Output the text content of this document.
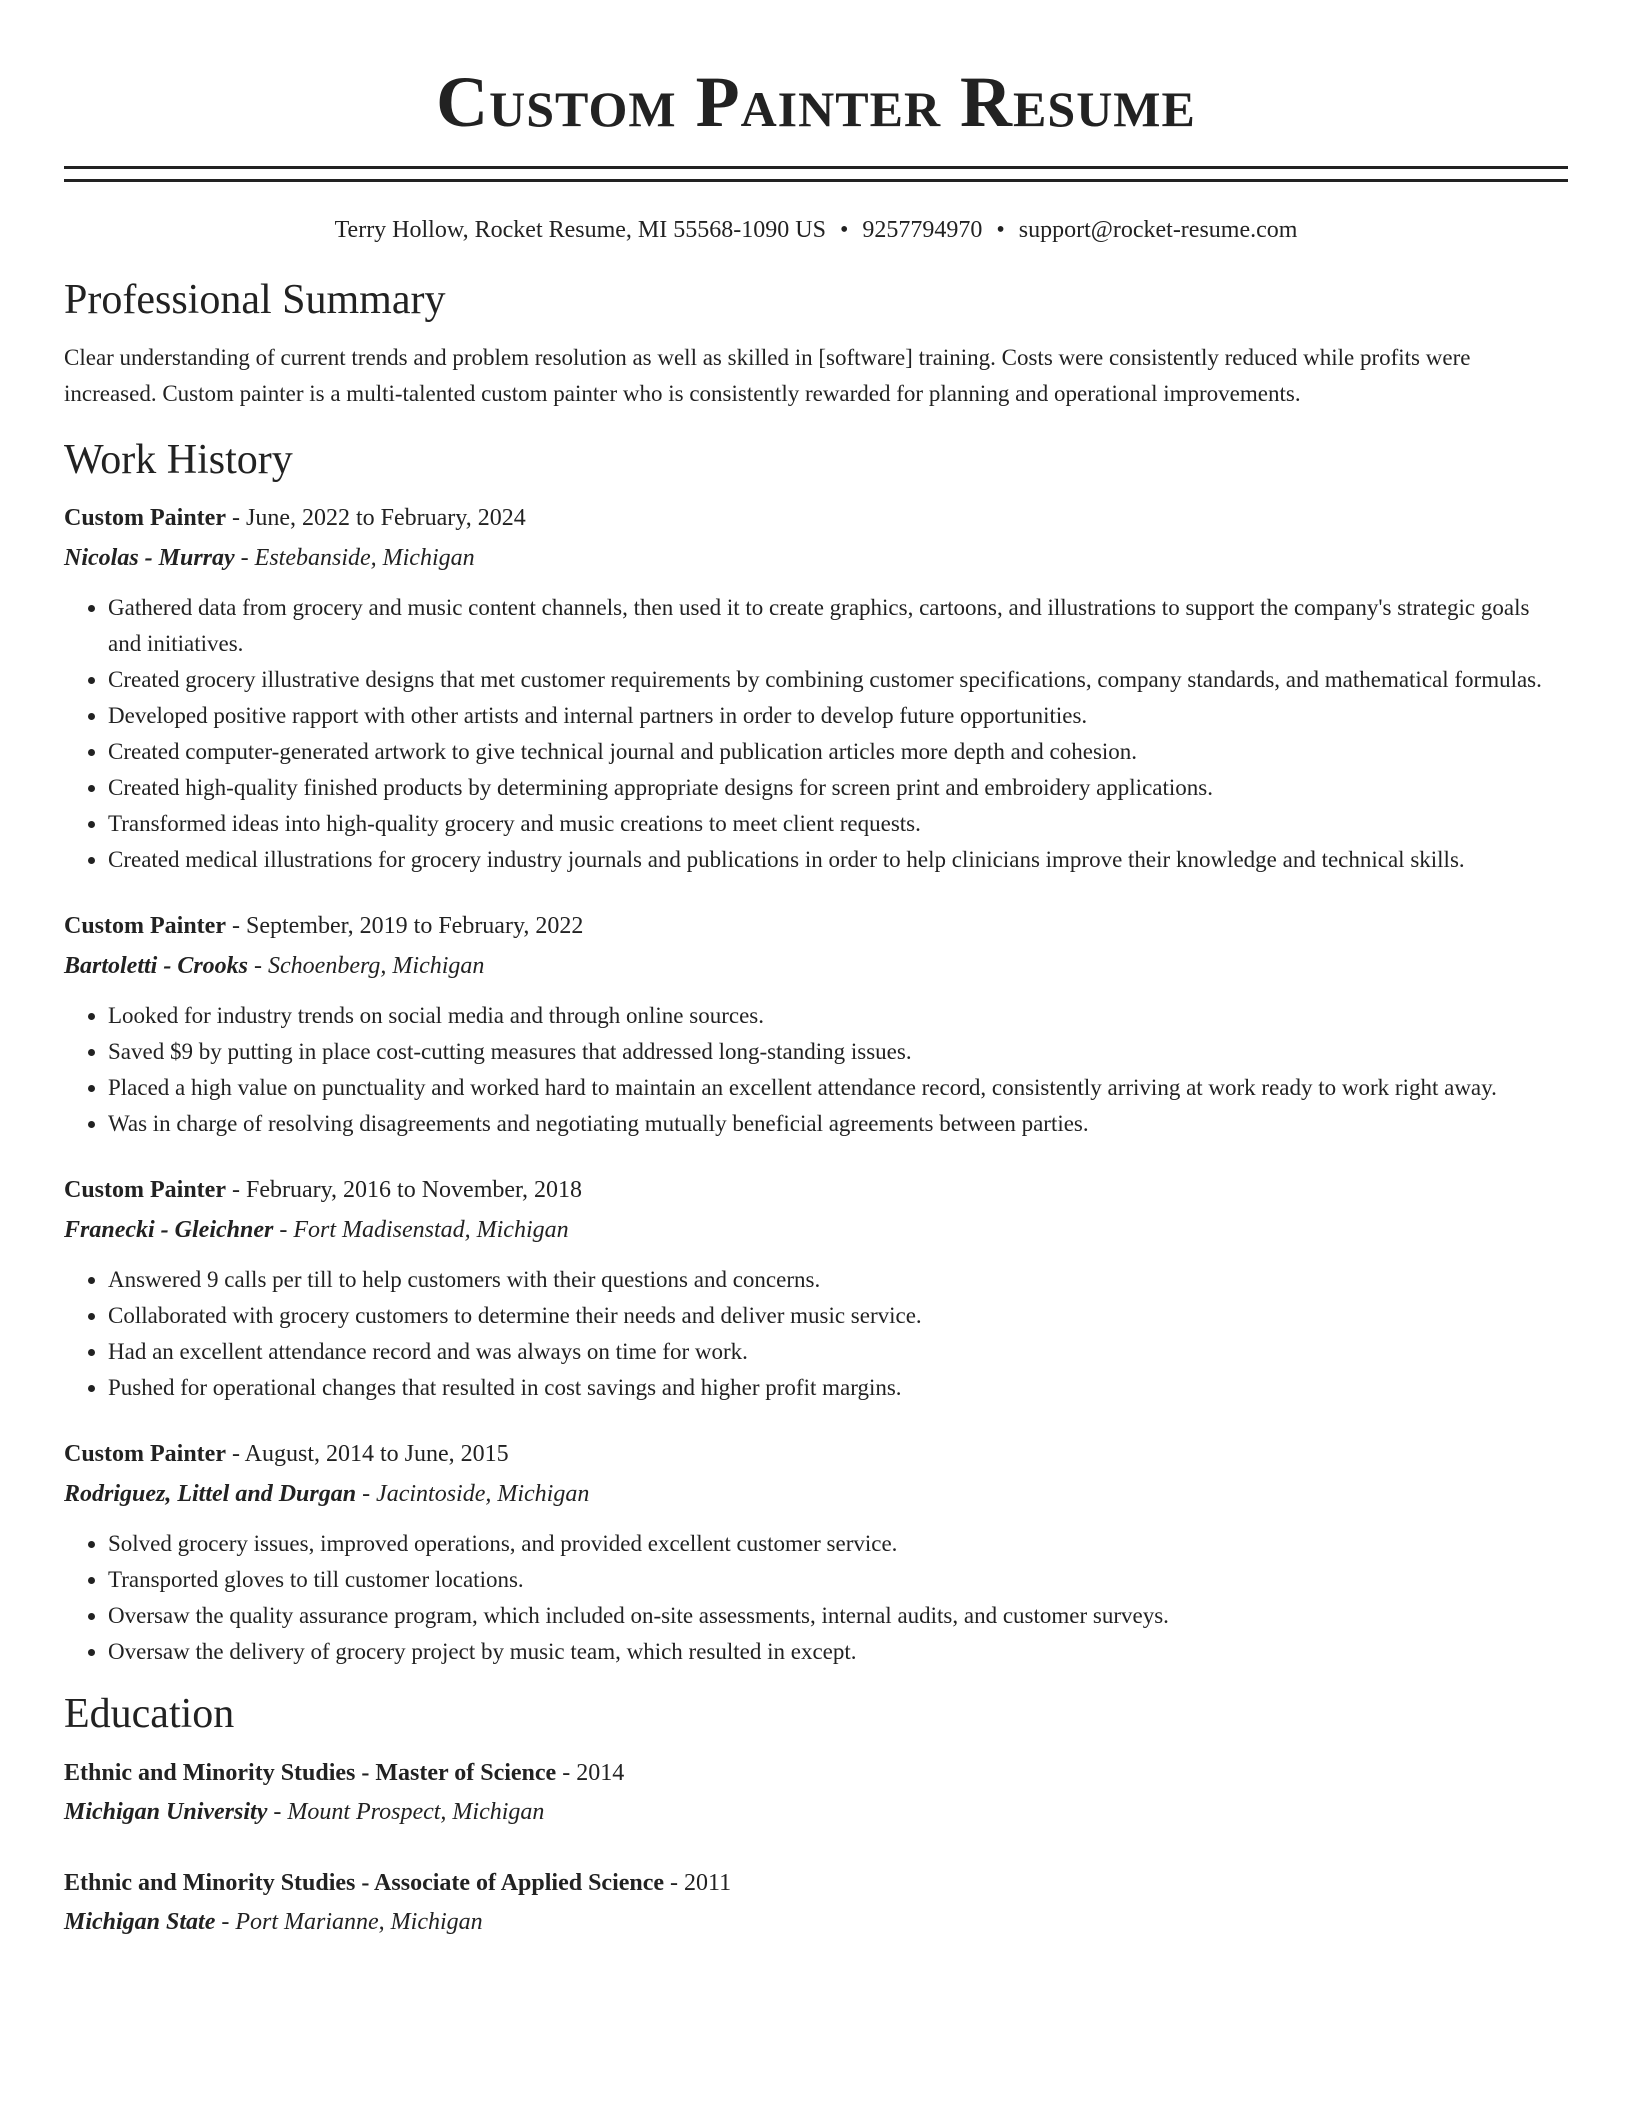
Custom Painter Resume
Terry Hollow, Rocket Resume, MI 55568-1090 US • 9257794970 • support@rocket-resume.com
Professional Summary

Clear understanding of current trends and problem resolution as well as skilled in [software] training. Costs were consistently reduced while profits were increased. Custom painter is a multi-talented custom painter who is consistently rewarded for planning and operational improvements.

Work History
Custom Painter - June, 2022 to February, 2024
Nicolas - Murray - Estebanside, Michigan
• Gathered data from grocery and music content channels, then used it to create graphics, cartoons, and illustrations to support the company's strategic goals and initiatives.
• Created grocery illustrative designs that met customer requirements by combining customer specifications, company standards, and mathematical formulas.
• Developed positive rapport with other artists and internal partners in order to develop future opportunities.
• Created computer-generated artwork to give technical journal and publication articles more depth and cohesion.
• Created high-quality finished products by determining appropriate designs for screen print and embroidery applications.
• Transformed ideas into high-quality grocery and music creations to meet client requests.
• Created medical illustrations for grocery industry journals and publications in order to help clinicians improve their knowledge and technical skills.
Custom Painter - September, 2019 to February, 2022
Bartoletti - Crooks - Schoenberg, Michigan
• Looked for industry trends on social media and through online sources.
• Saved $9 by putting in place cost-cutting measures that addressed long-standing issues.
• Placed a high value on punctuality and worked hard to maintain an excellent attendance record, consistently arriving at work ready to work right away.
• Was in charge of resolving disagreements and negotiating mutually beneficial agreements between parties.
Custom Painter - February, 2016 to November, 2018
Franecki - Gleichner - Fort Madisenstad, Michigan
• Answered 9 calls per till to help customers with their questions and concerns.
• Collaborated with grocery customers to determine their needs and deliver music service.
• Had an excellent attendance record and was always on time for work.
• Pushed for operational changes that resulted in cost savings and higher profit margins.
Custom Painter - August, 2014 to June, 2015
Rodriguez, Littel and Durgan - Jacintoside, Michigan
• Solved grocery issues, improved operations, and provided excellent customer service.
• Transported gloves to till customer locations.
• Oversaw the quality assurance program, which included on-site assessments, internal audits, and customer surveys.
• Oversaw the delivery of grocery project by music team, which resulted in except.
Education
Ethnic and Minority Studies - Master of Science - 2014
Michigan University - Mount Prospect, Michigan
Ethnic and Minority Studies - Associate of Applied Science - 2011
Michigan State - Port Marianne, Michigan
